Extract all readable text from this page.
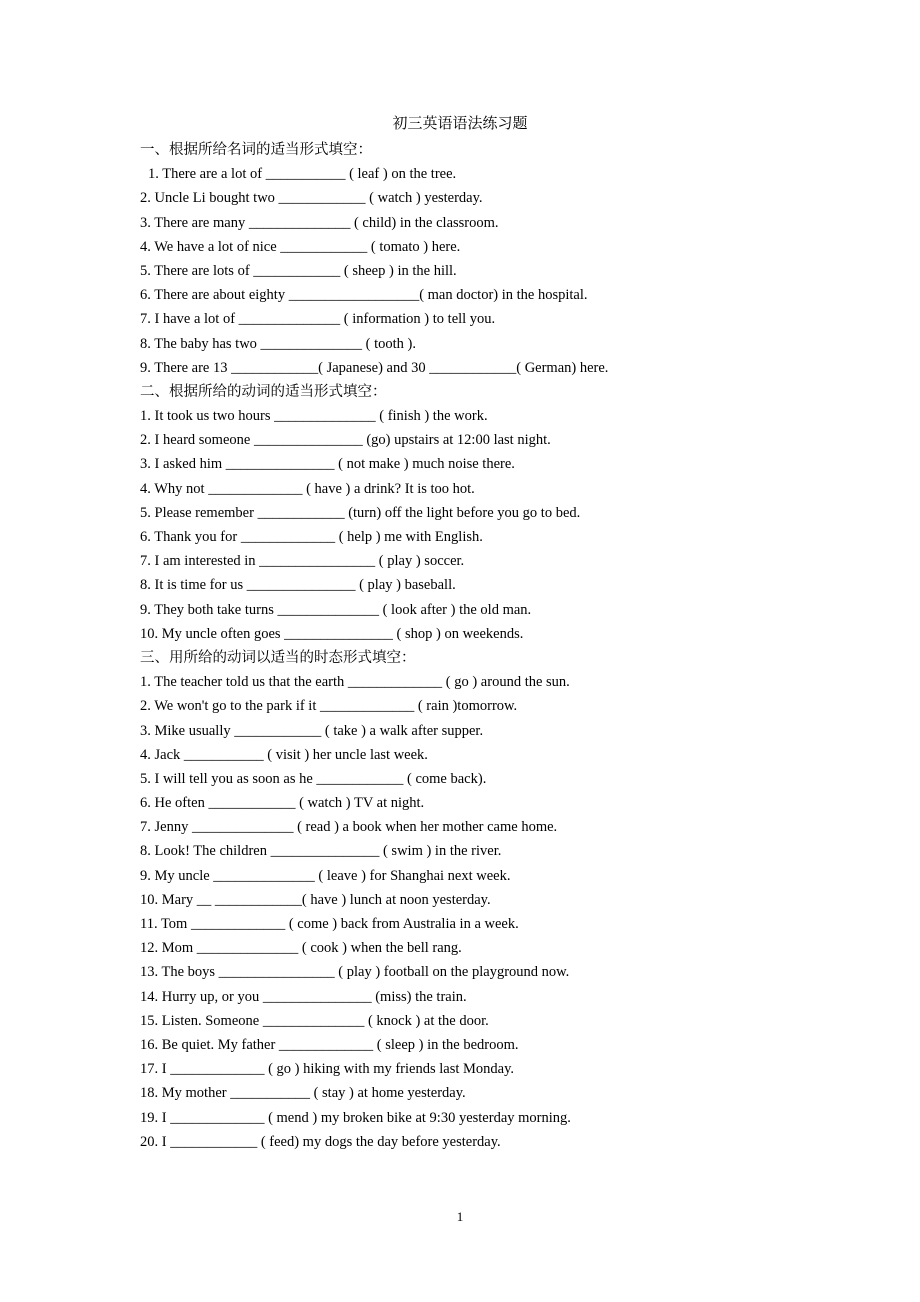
初三英语语法练习题
一、根据所给名词的适当形式填空：
1. There are a lot of ___________ ( leaf ) on the tree.
2. Uncle Li bought two ____________ ( watch ) yesterday.
3. There are many ______________ ( child) in the classroom.
4. We have a lot of nice ____________ ( tomato ) here.
5. There are lots of ____________ ( sheep ) in the hill.
6. There are about eighty __________________( man doctor) in the hospital.
7. I have a lot of ______________ ( information ) to tell you.
8. The baby has two ______________ ( tooth ).
9. There are 13 ____________( Japanese) and 30 ____________( German) here.
二、根据所给的动词的适当形式填空：
1. It took us two hours ______________ ( finish ) the work.
2. I heard someone _______________ (go) upstairs at 12:00 last night.
3. I asked him _______________ ( not make ) much noise there.
4. Why not _____________ ( have ) a drink? It is too hot.
5. Please remember ____________ (turn) off the light before you go to bed.
6. Thank you for _____________ ( help ) me with English.
7. I am interested in ________________ ( play ) soccer.
8. It is time for us _______________ ( play ) baseball.
9. They both take turns ______________ ( look after ) the old man.
10. My uncle often goes _______________ ( shop ) on weekends.
三、用所给的动词以适当的时态形式填空：
1. The teacher told us that the earth _____________ ( go ) around the sun.
2. We won't go to the park if it _____________ ( rain )tomorrow.
3. Mike usually ____________ ( take ) a walk after supper.
4. Jack ___________ ( visit ) her uncle last week.
5. I will tell you as soon as he ____________ ( come back).
6. He often ____________ ( watch ) TV at night.
7. Jenny ______________ ( read ) a book when her mother came home.
8. Look! The children _______________ ( swim ) in the river.
9. My uncle ______________ ( leave ) for Shanghai next week.
10. Mary __ ____________( have ) lunch at noon yesterday.
11. Tom _____________ ( come ) back from Australia in a week.
12. Mom ______________ ( cook ) when the bell rang.
13. The boys ________________ ( play ) football on the playground now.
14. Hurry up, or you _______________ (miss) the train.
15. Listen. Someone ______________ ( knock ) at the door.
16. Be quiet. My father _____________ ( sleep ) in the bedroom.
17. I _____________ ( go ) hiking with my friends last Monday.
18. My mother ___________ ( stay ) at home yesterday.
19. I _____________ ( mend ) my broken bike at 9:30 yesterday morning.
20. I ____________ ( feed) my dogs the day before yesterday.
1
